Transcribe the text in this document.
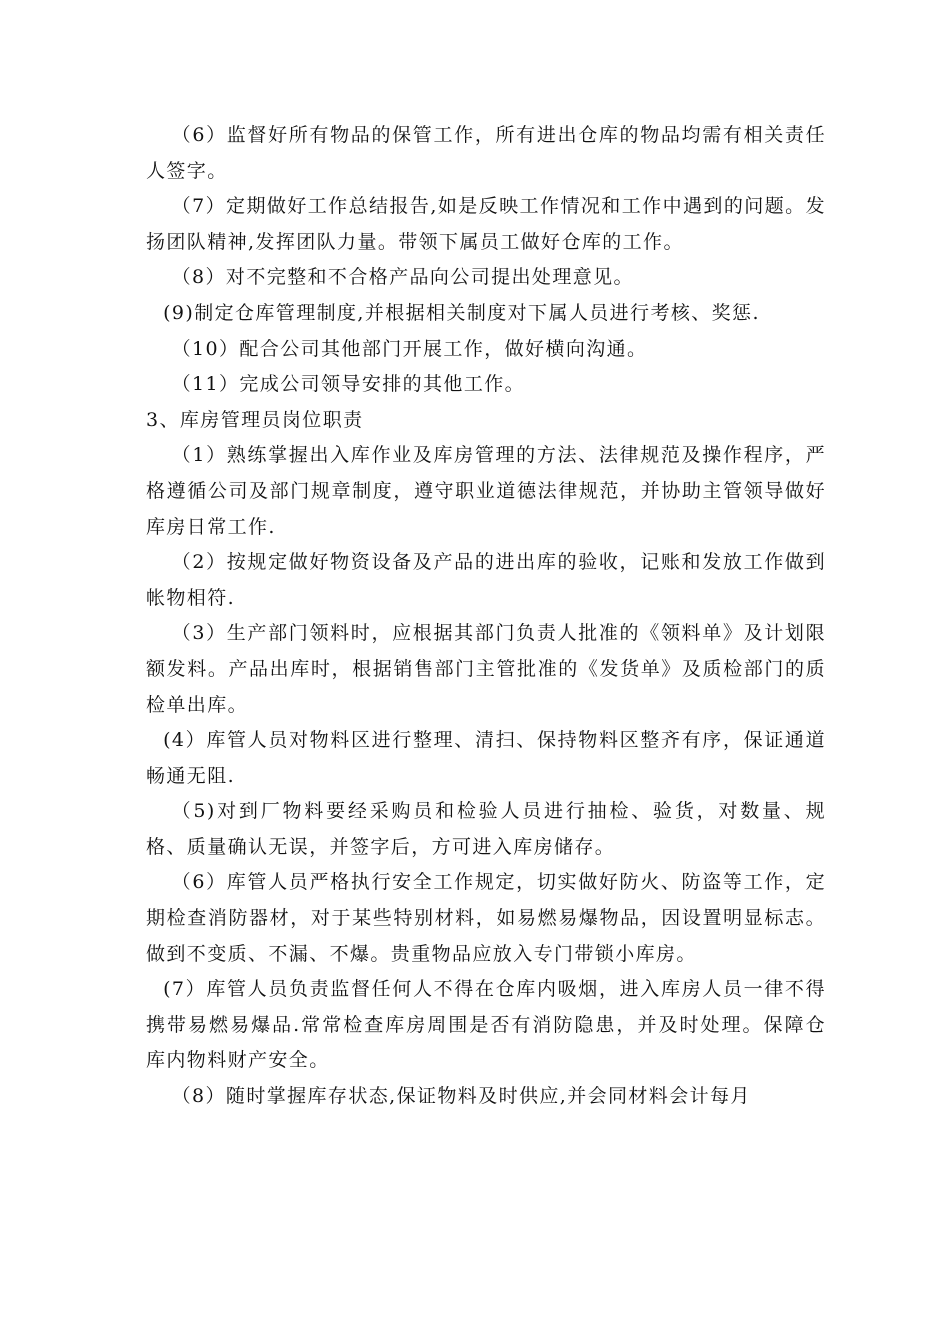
（6）监督好所有物品的保管工作，所有进出仓库的物品均需有相关责任人签字。

（7）定期做好工作总结报告,如是反映工作情况和工作中遇到的问题。发扬团队精神,发挥团队力量。带领下属员工做好仓库的工作。

（8）对不完整和不合格产品向公司提出处理意见。

(9)制定仓库管理制度,并根据相关制度对下属人员进行考核、奖惩.

（10）配合公司其他部门开展工作，做好横向沟通。

（11）完成公司领导安排的其他工作。

3、库房管理员岗位职责

（1）熟练掌握出入库作业及库房管理的方法、法律规范及操作程序，严格遵循公司及部门规章制度，遵守职业道德法律规范，并协助主管领导做好库房日常工作.

（2）按规定做好物资设备及产品的进出库的验收，记账和发放工作做到帐物相符.

（3）生产部门领料时，应根据其部门负责人批准的《领料单》及计划限额发料。产品出库时，根据销售部门主管批准的《发货单》及质检部门的质检单出库。

(4）库管人员对物料区进行整理、清扫、保持物料区整齐有序，保证通道畅通无阻.

（5)对到厂物料要经采购员和检验人员进行抽检、验货，对数量、规格、质量确认无误，并签字后，方可进入库房储存。

（6）库管人员严格执行安全工作规定，切实做好防火、防盗等工作，定期检查消防器材，对于某些特别材料，如易燃易爆物品，因设置明显标志。做到不变质、不漏、不爆。贵重物品应放入专门带锁小库房。

(7）库管人员负责监督任何人不得在仓库内吸烟，进入库房人员一律不得携带易燃易爆品.常常检查库房周围是否有消防隐患，并及时处理。保障仓库内物料财产安全。

（8）随时掌握库存状态,保证物料及时供应,并会同材料会计每月
